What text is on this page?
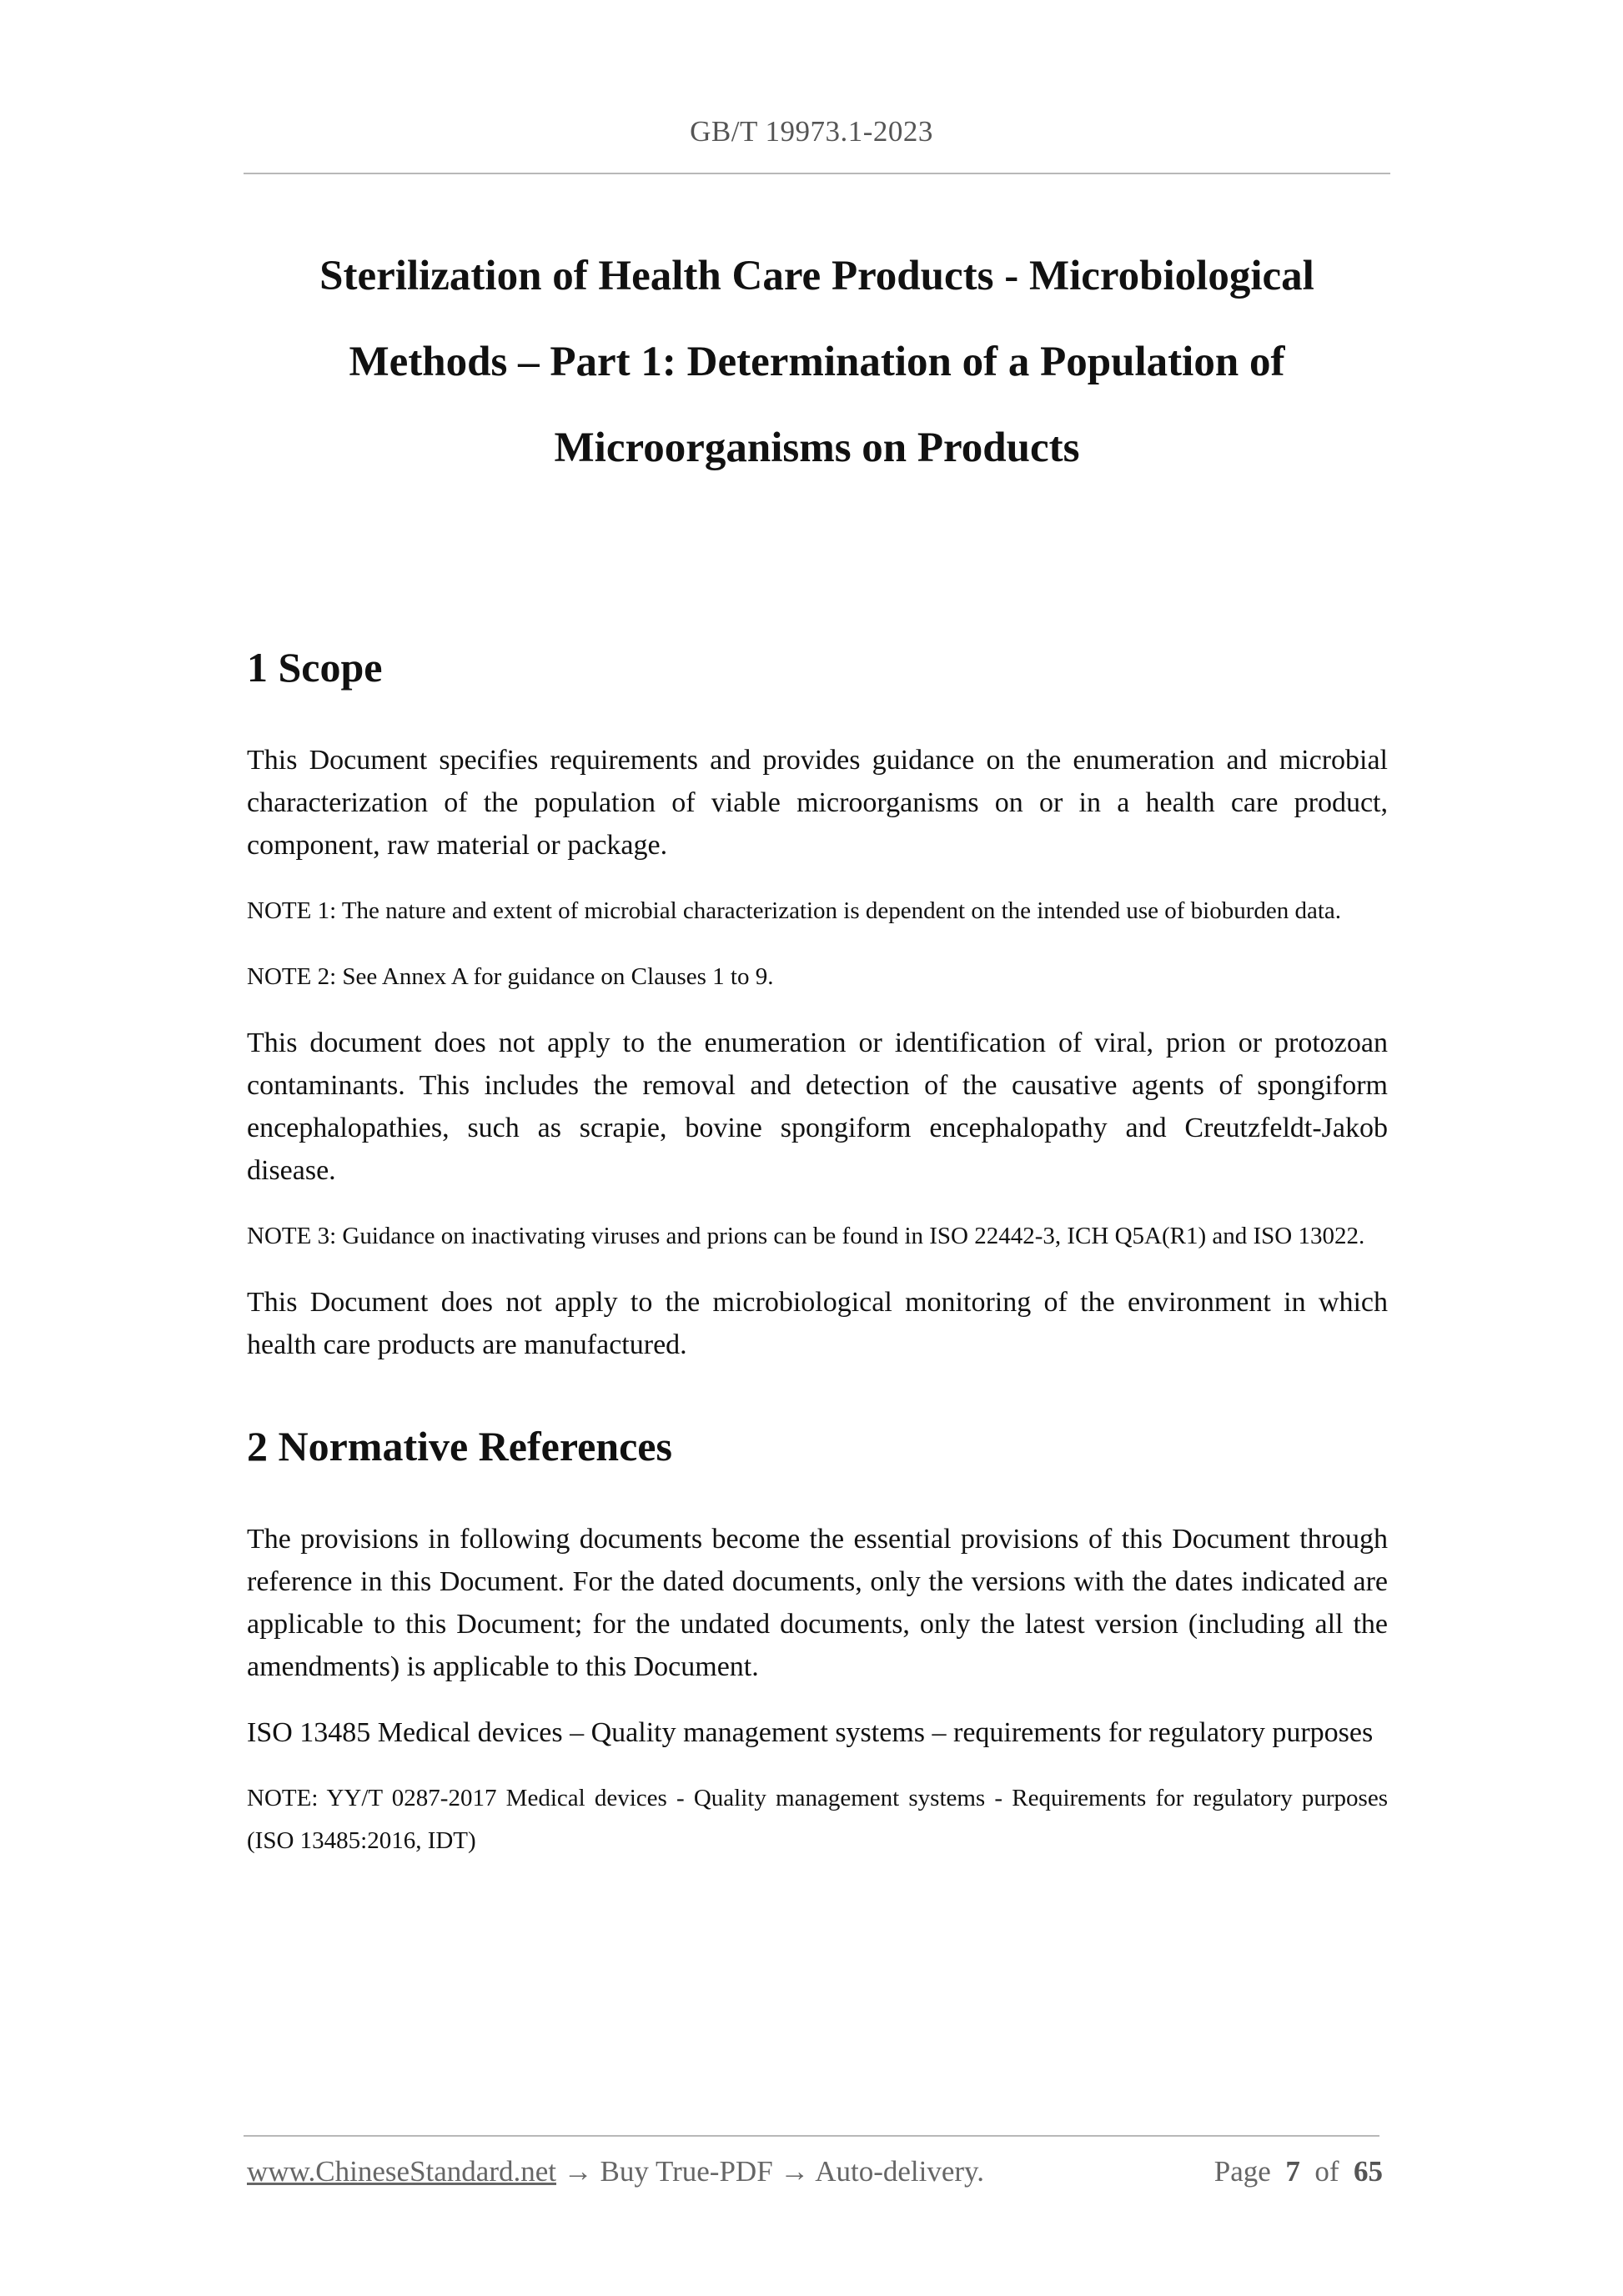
GB/T 19973.1-2023
Sterilization of Health Care Products - Microbiological Methods – Part 1: Determination of a Population of Microorganisms on Products
1 Scope

This Document specifies requirements and provides guidance on the enumeration and microbial characterization of the population of viable microorganisms on or in a health care product, component, raw material or package.

NOTE 1: The nature and extent of microbial characterization is dependent on the intended use of bioburden data.

NOTE 2: See Annex A for guidance on Clauses 1 to 9.

This document does not apply to the enumeration or identification of viral, prion or protozoan contaminants. This includes the removal and detection of the causative agents of spongiform encephalopathies, such as scrapie, bovine spongiform encephalopathy and Creutzfeldt-Jakob disease.

NOTE 3: Guidance on inactivating viruses and prions can be found in ISO 22442-3, ICH Q5A(R1) and ISO 13022.

This Document does not apply to the microbiological monitoring of the environment in which health care products are manufactured.

2 Normative References

The provisions in following documents become the essential provisions of this Document through reference in this Document. For the dated documents, only the versions with the dates indicated are applicable to this Document; for the undated documents, only the latest version (including all the amendments) is applicable to this Document.

ISO 13485 Medical devices – Quality management systems – requirements for regulatory purposes

NOTE: YY/T 0287-2017 Medical devices - Quality management systems - Requirements for regulatory purposes (ISO 13485:2016, IDT)

www.ChineseStandard.net → Buy True-PDF → Auto-delivery.	Page 7 of 65
